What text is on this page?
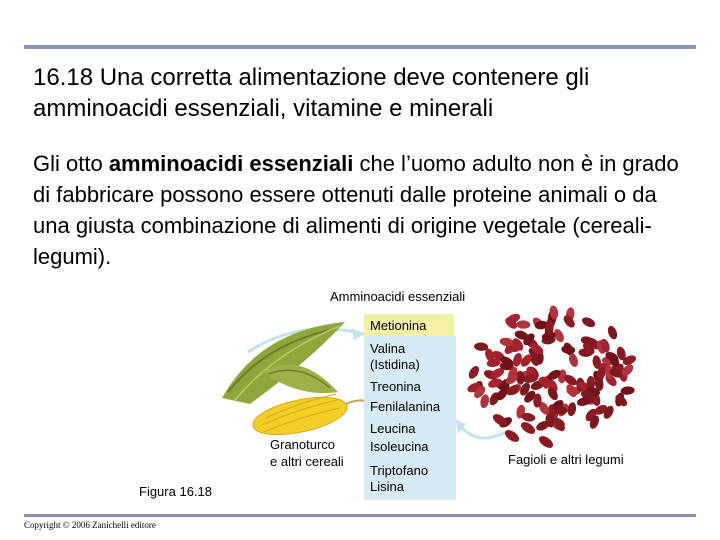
16.18 Una corretta alimentazione deve contenere gli amminoacidi essenziali, vitamine e minerali
Gli otto amminoacidi essenziali che l’uomo adulto non è in grado di fabbricare possono essere ottenuti dalle proteine animali o da una giusta combinazione di alimenti di origine vegetale (cereali-legumi).
Amminoacidi essenziali
Metionina
Valina
(Istidina)
Treonina
Fenilalanina
Leucina
Isoleucina
Triptofano
Lisina
Granoturco
e altri cereali	Fagioli e altri legumi
Figura 16.18
Copyright © 2006 Zanichelli editore
